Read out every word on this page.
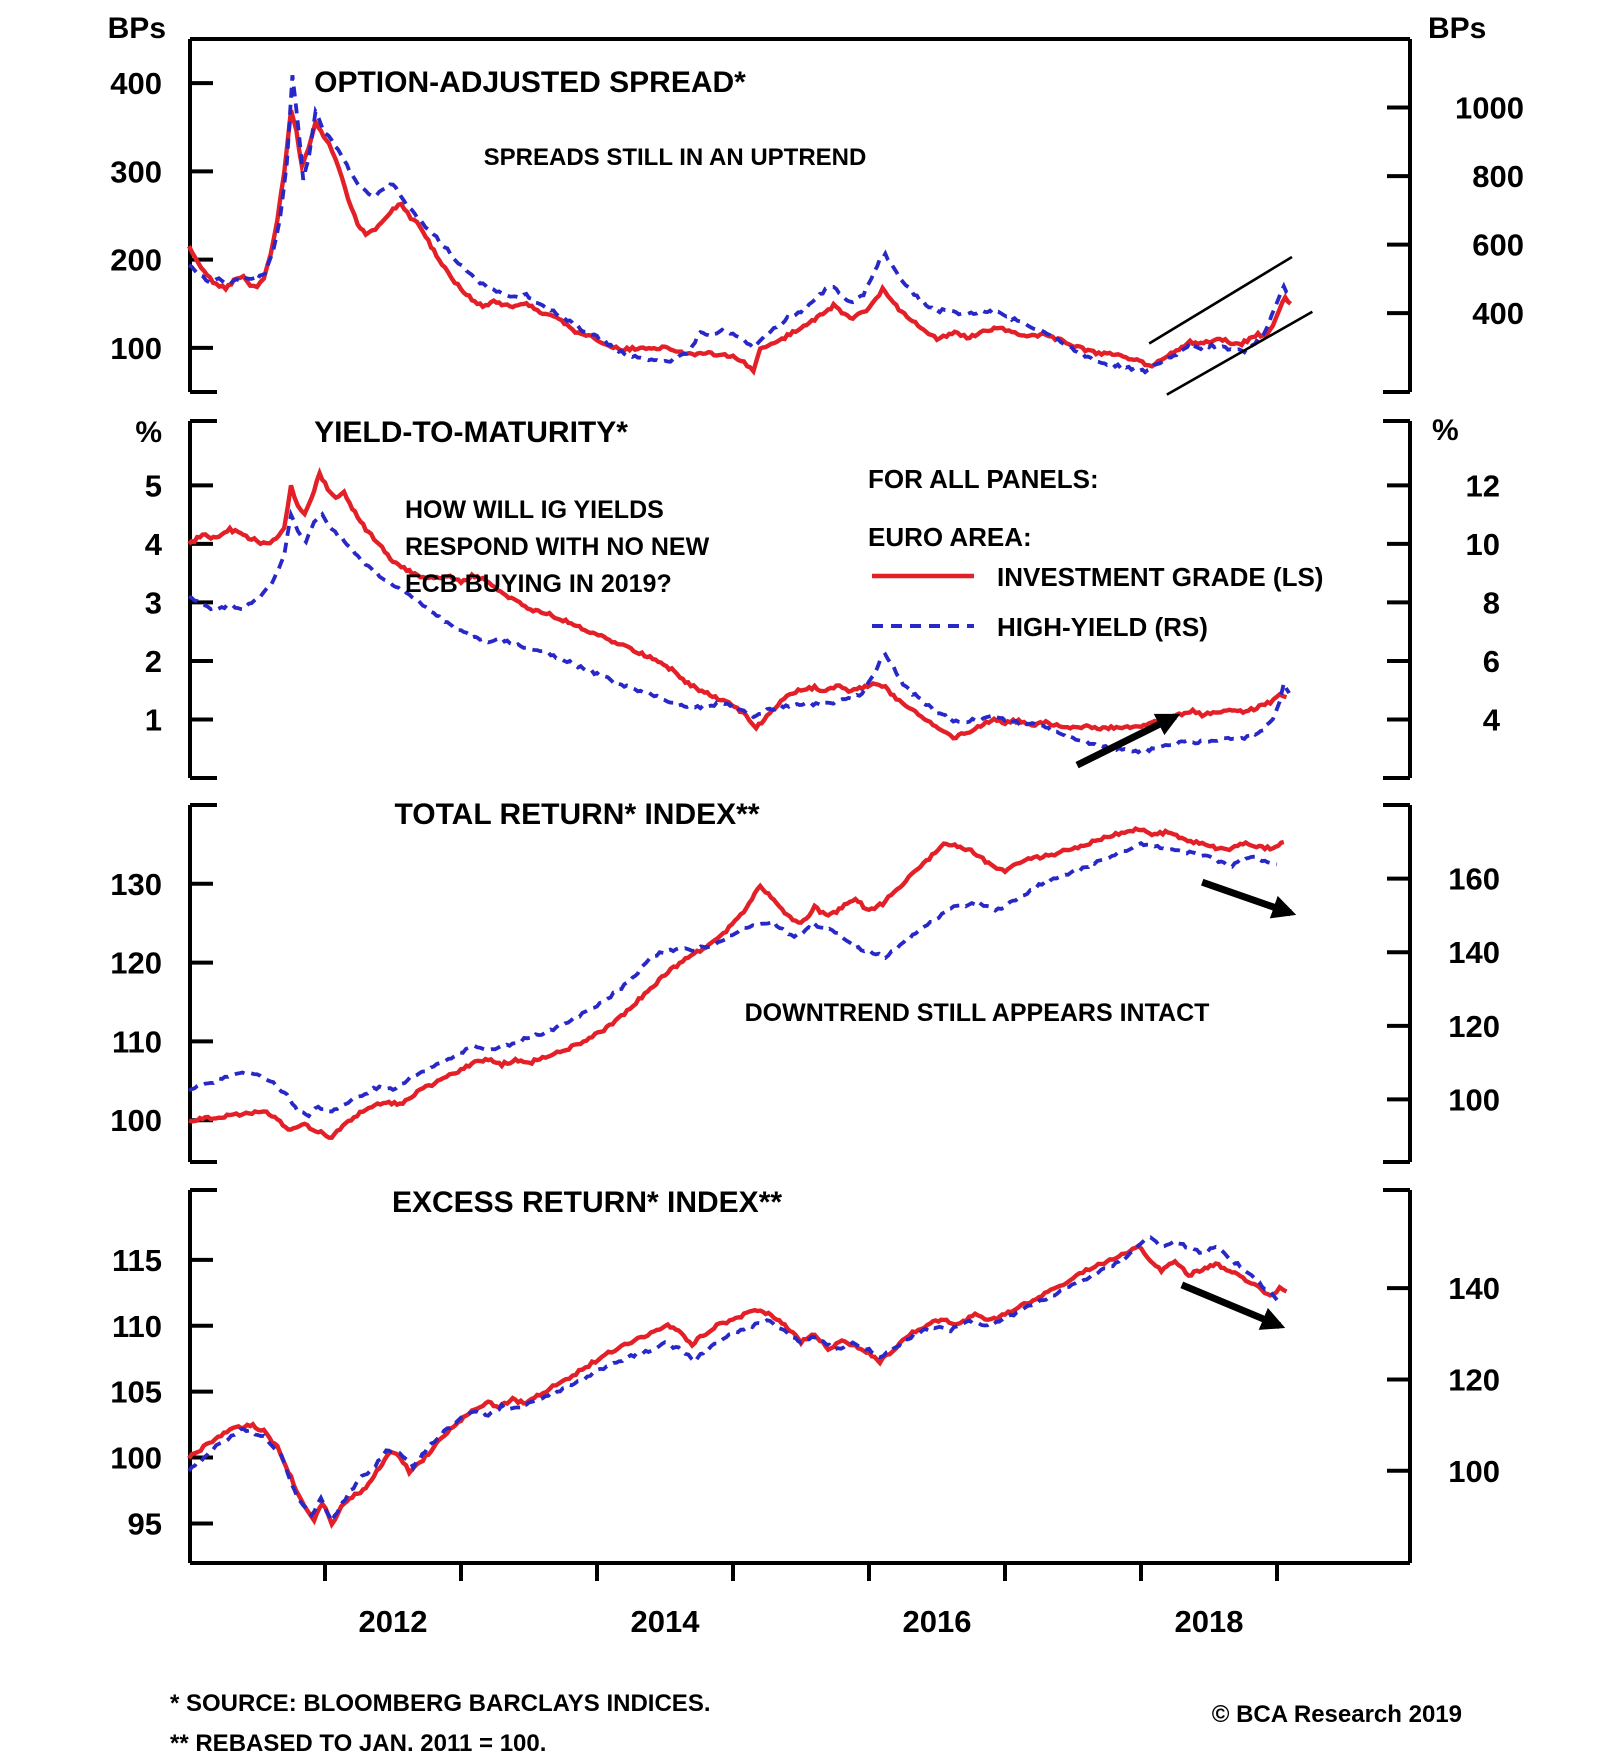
400
300
200
100
1000
800
600
400
5
4
3
2
1
12
10
8
6
4
130
120
110
100
160
140
120
100
115
110
105
100
95
140
120
100
2012	2014	2016	2018
BPs	BPs
OPTION-ADJUSTED SPREAD*
SPREADS STILL IN AN UPTREND
%	%
YIELD-TO-MATURITY*
HOW WILL IG YIELDS
RESPOND WITH NO NEW
ECB BUYING IN 2019?
FOR ALL PANELS:
EURO AREA:
INVESTMENT GRADE (LS)
HIGH-YIELD (RS)
TOTAL RETURN* INDEX**
DOWNTREND STILL APPEARS INTACT
EXCESS RETURN* INDEX**
* SOURCE: BLOOMBERG BARCLAYS INDICES.
** REBASED TO JAN. 2011 = 100.
© BCA Research 2019
